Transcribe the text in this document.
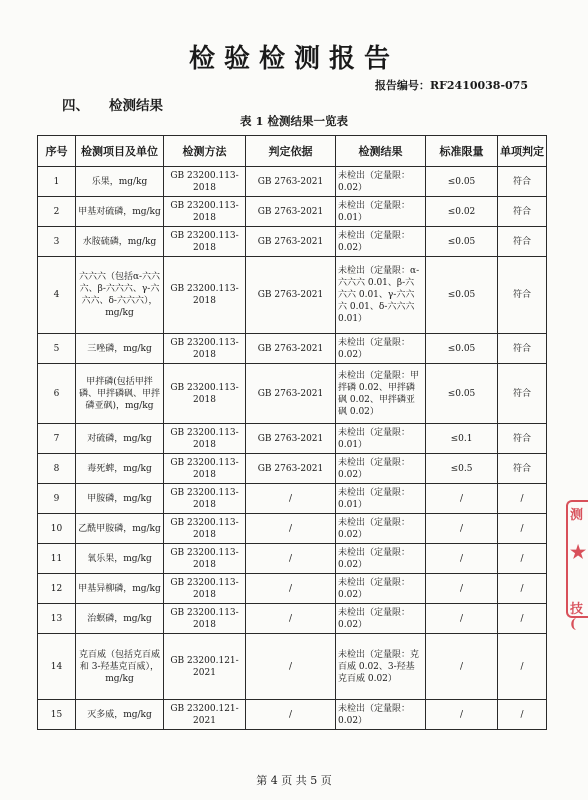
检验检测报告
报告编号：RF2410038-075
四、 检测结果
表 1 检测结果一览表
序号	检测项目及单位	检测方法	判定依据	检测结果	标准限量	单项判定
1	乐果，mg/kg	GB 23200.113-2018	GB 2763-2021	未检出（定量限：0.02）	≤0.05	符合
2	甲基对硫磷，mg/kg	GB 23200.113-2018	GB 2763-2021	未检出（定量限：0.01）	≤0.02	符合
3	水胺硫磷，mg/kg	GB 23200.113-2018	GB 2763-2021	未检出（定量限：0.02）	≤0.05	符合
4	六六六（包括α-六六六、β-六六六、γ-六六六、δ-六六六），mg/kg	GB 23200.113-2018	GB 2763-2021	未检出（定量限：α-六六六 0.01、β-六六六 0.01、γ-六六六 0.01、δ-六六六 0.01）	≤0.05	符合
5	三唑磷，mg/kg	GB 23200.113-2018	GB 2763-2021	未检出（定量限：0.02）	≤0.05	符合
6	甲拌磷(包括甲拌磷、甲拌磷砜、甲拌磷亚砜)，mg/kg	GB 23200.113-2018	GB 2763-2021	未检出（定量限：甲拌磷 0.02、甲拌磷砜 0.02、甲拌磷亚砜 0.02）	≤0.05	符合
7	对硫磷，mg/kg	GB 23200.113-2018	GB 2763-2021	未检出（定量限：0.01）	≤0.1	符合
8	毒死蜱，mg/kg	GB 23200.113-2018	GB 2763-2021	未检出（定量限：0.02）	≤0.5	符合
9	甲胺磷，mg/kg	GB 23200.113-2018	/	未检出（定量限：0.01）	/	/
10	乙酰甲胺磷，mg/kg	GB 23200.113-2018	/	未检出（定量限：0.02）	/	/
11	氧乐果，mg/kg	GB 23200.113-2018	/	未检出（定量限：0.02）	/	/
12	甲基异柳磷，mg/kg	GB 23200.113-2018	/	未检出（定量限：0.02）	/	/
13	治螟磷，mg/kg	GB 23200.113-2018	/	未检出（定量限：0.02）	/	/
14	克百威（包括克百威和 3-羟基克百威），mg/kg	GB 23200.121-2021	/	未检出（定量限：克百威 0.02、3-羟基克百威 0.02）	/	/
15	灭多威，mg/kg	GB 23200.121-2021	/	未检出（定量限：0.02）	/	/
测
★
技(
第 4 页 共 5 页
